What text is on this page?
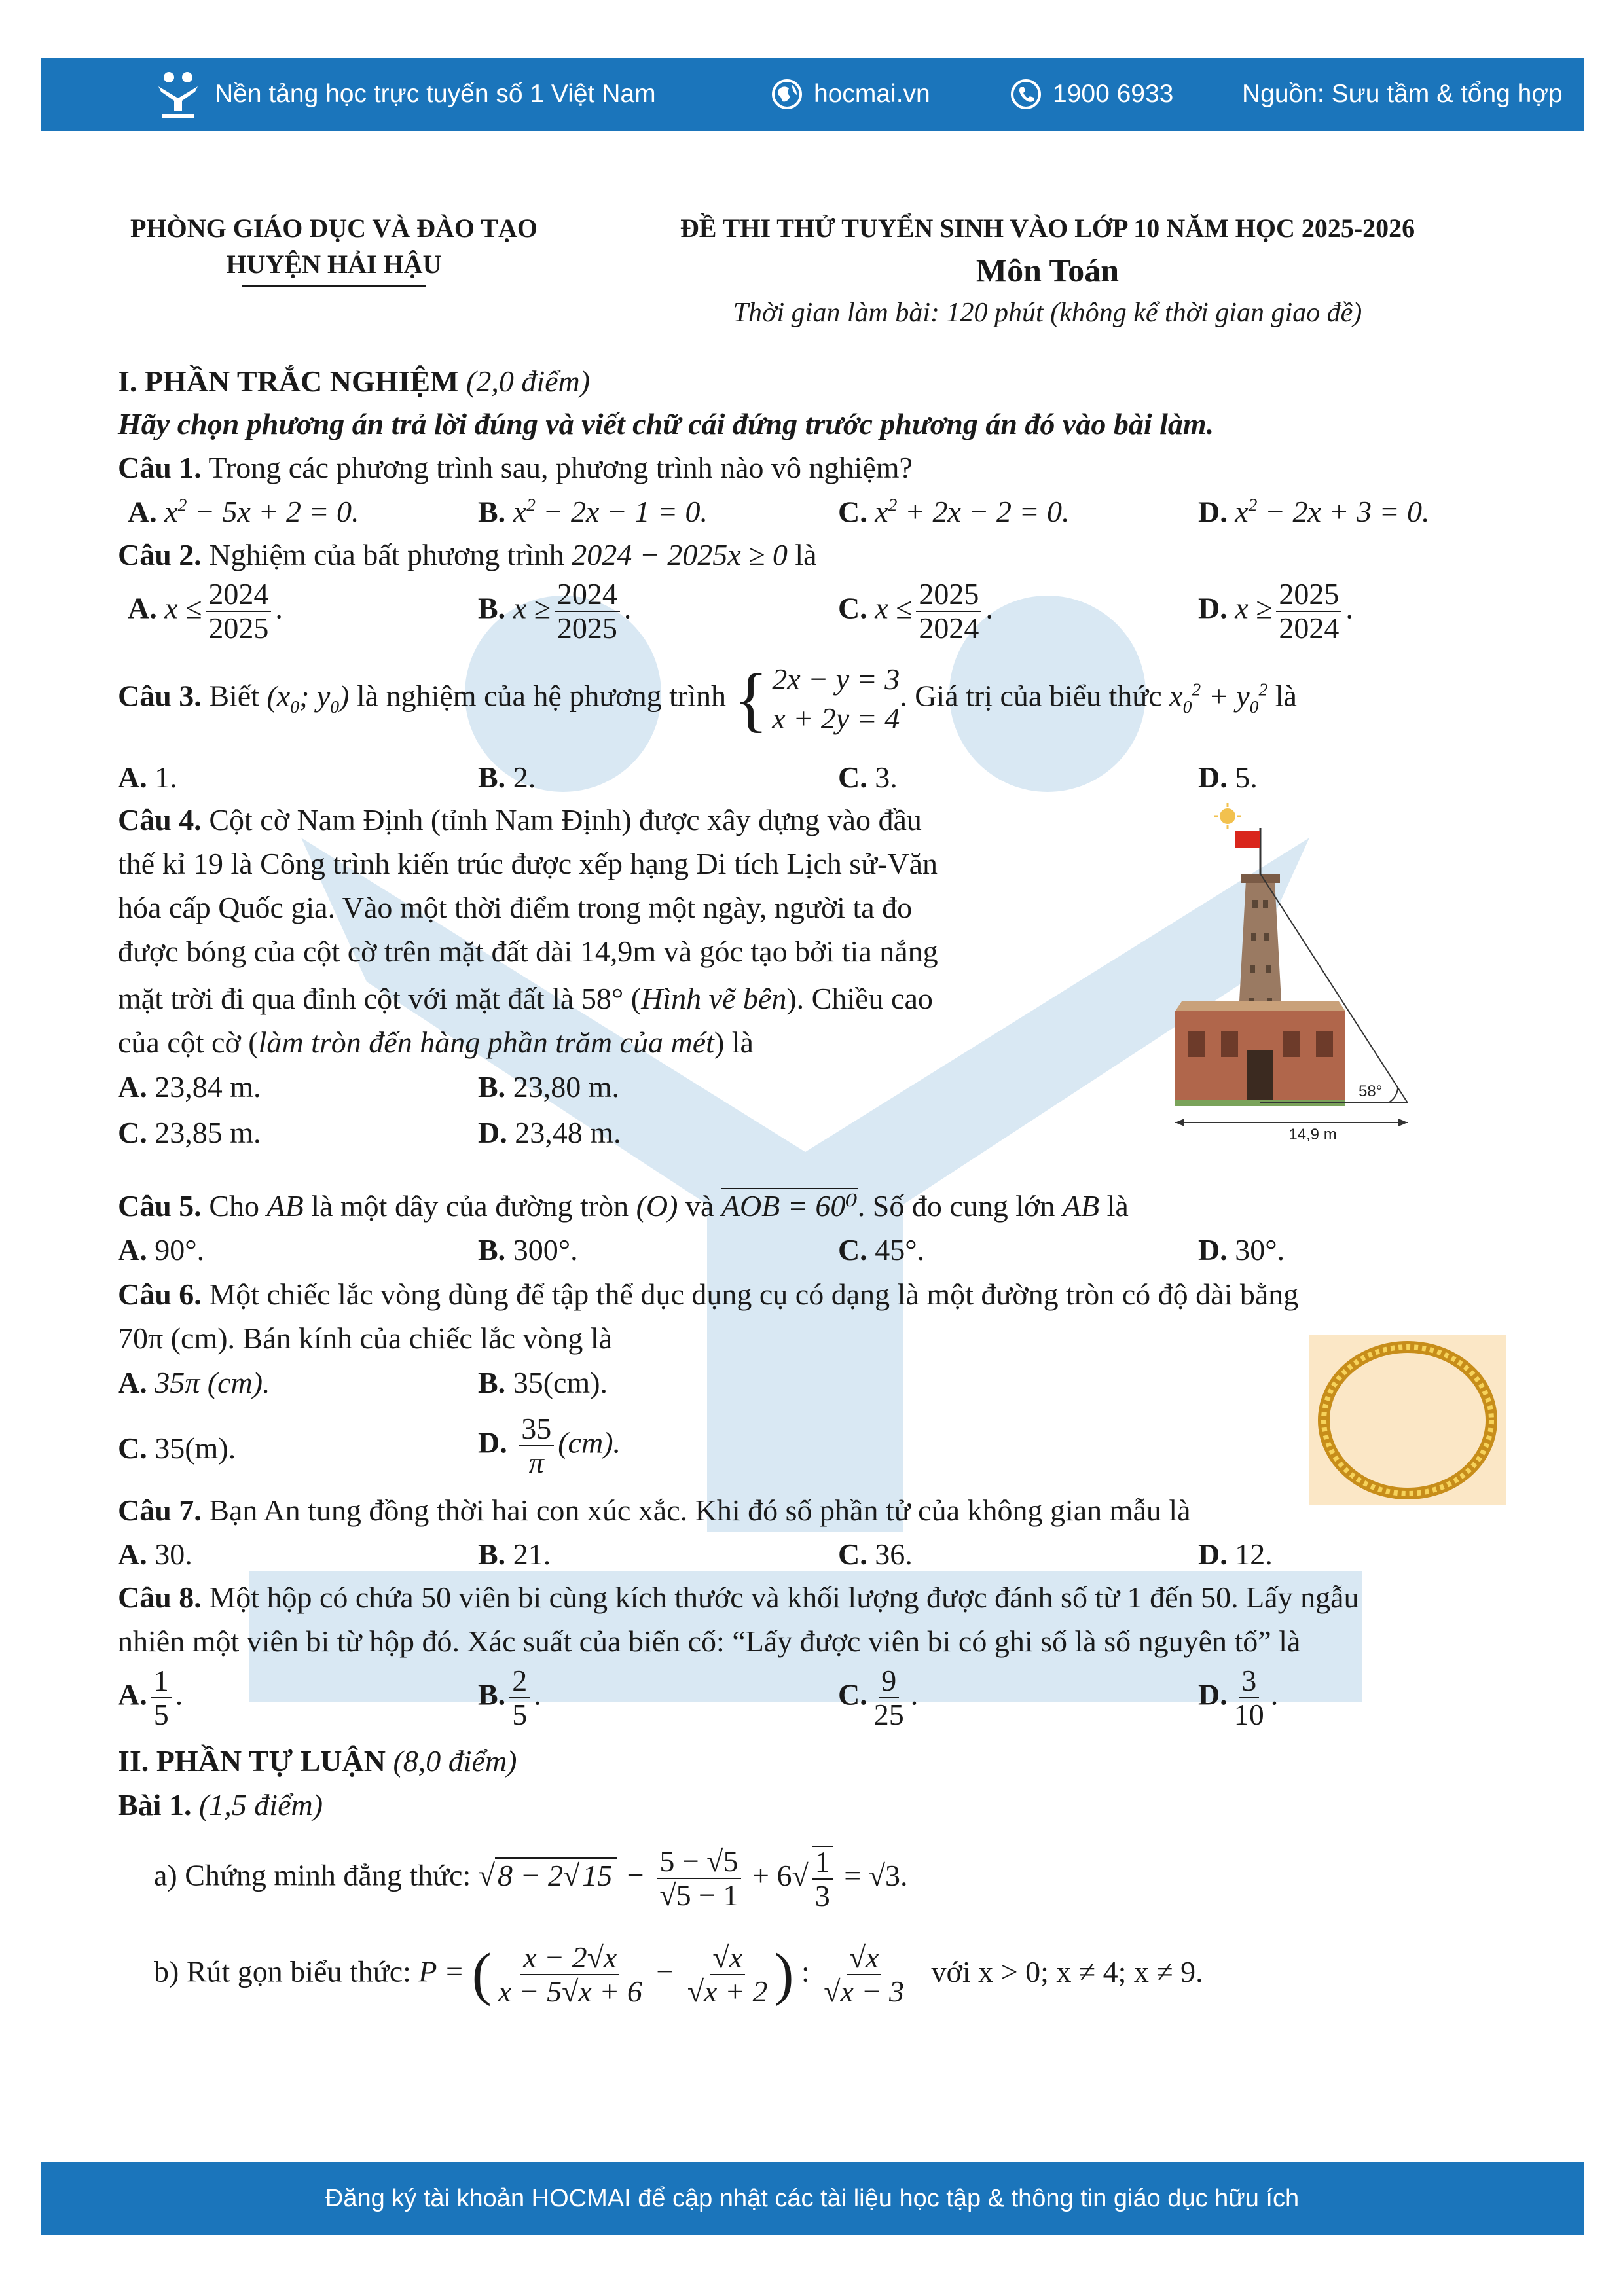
Nền tảng học trực tuyến số 1 Việt Nam	hocmai.vn	1900 6933	Nguồn: Sưu tầm & tổng hợp
PHÒNG GIÁO DỤC VÀ ĐÀO TẠO
HUYỆN HẢI HẬU
ĐỀ THI THỬ TUYỂN SINH VÀO LỚP 10 NĂM HỌC 2025-2026
Môn Toán
Thời gian làm bài: 120 phút (không kể thời gian giao đề)
I. PHẦN TRẮC NGHIỆM (2,0 điểm)
Hãy chọn phương án trả lời đúng và viết chữ cái đứng trước phương án đó vào bài làm.
Câu 1. Trong các phương trình sau, phương trình nào vô nghiệm?
A. $x^2 - 5x + 2 = 0$.	B. $x^2 - 2x - 1 = 0$.	C. $x^2 + 2x - 2 = 0$.	D. $x^2 - 2x + 3 = 0$.
Câu 2. Nghiệm của bất phương trình 2024 − 2025x ≥ 0 là
A. $x \le \frac{2024}{2025}$ .	B. $x \ge \frac{2024}{2025}$ .	C. $x \le \frac{2025}{2024}$ .	D. $x \ge \frac{2025}{2024}$ .
Câu 3. Biết ($x_0$; $y_0$) là nghiệm của hệ phương trình { 2x − y = 3
x + 2y = 4
. Giá trị của biểu thức $x_0^2 + y_0^2$ là
A. 1.	B. 2.	C. 3.	D. 5.
Câu 4. Cột cờ Nam Định (tỉnh Nam Định) được xây dựng vào đầu
thế kỉ 19 là Công trình kiến trúc được xếp hạng Di tích Lịch sử-Văn
hóa cấp Quốc gia. Vào một thời điểm trong một ngày, người ta đo
được bóng của cột cờ trên mặt đất dài 14,9m và góc tạo bởi tia nắng
mặt trời đi qua đỉnh cột với mặt đất là 58° (Hình vẽ bên). Chiều cao
của cột cờ (làm tròn đến hàng phần trăm của mét) là
A. 23,84 m.	B. 23,80 m.
C. 23,85 m.	D. 23,48 m.
Câu 5. Cho AB là một dây của đường tròn (O) và AOB = 60⁰. Số đo cung lớn AB là
A. 90°.	B. 300°.	C. 45°.	D. 30°.
Câu 6. Một chiếc lắc vòng dùng để tập thể dục dụng cụ có dạng là một đường tròn có độ dài bằng
70π (cm). Bán kính của chiếc lắc vòng là
A. 35π (cm).	B. 35(cm).
C. 35(m).	D. $\frac{35}{\pi} (cm)$.
Câu 7. Bạn An tung đồng thời hai con xúc xắc. Khi đó số phần tử của không gian mẫu là
A. 30.	B. 21.	C. 36.	D. 12.
Câu 8. Một hộp có chứa 50 viên bi cùng kích thước và khối lượng được đánh số từ 1 đến 50. Lấy ngẫu
nhiên một viên bi từ hộp đó. Xác suất của biến cố: “Lấy được viên bi có ghi số là số nguyên tố” là
A. $\frac{1}{5}$ .	B. $\frac{2}{5}$ .	C. $\frac{9}{25}$ .	D. $\frac{3}{10}$ .
II. PHẦN TỰ LUẬN (8,0 điểm)
Bài 1. (1,5 điểm)
a) Chứng minh đẳng thức: $√8 - 2√15 - \frac{5 - √5}{√5 - 1} + 6√ \frac{1}{3} = √3$.
b) Rút gọn biểu thức: P = ( $\frac{x - 2√x}{x - 5√x + 6} - \frac{√x}{√x + 2}$ ) : $\frac{√x}{√x - 3}$ với x > 0; x ≠ 4; x ≠ 9.
58°
14,9 m
Đăng ký tài khoản HOCMAI để cập nhật các tài liệu học tập & thông tin giáo dục hữu ích
